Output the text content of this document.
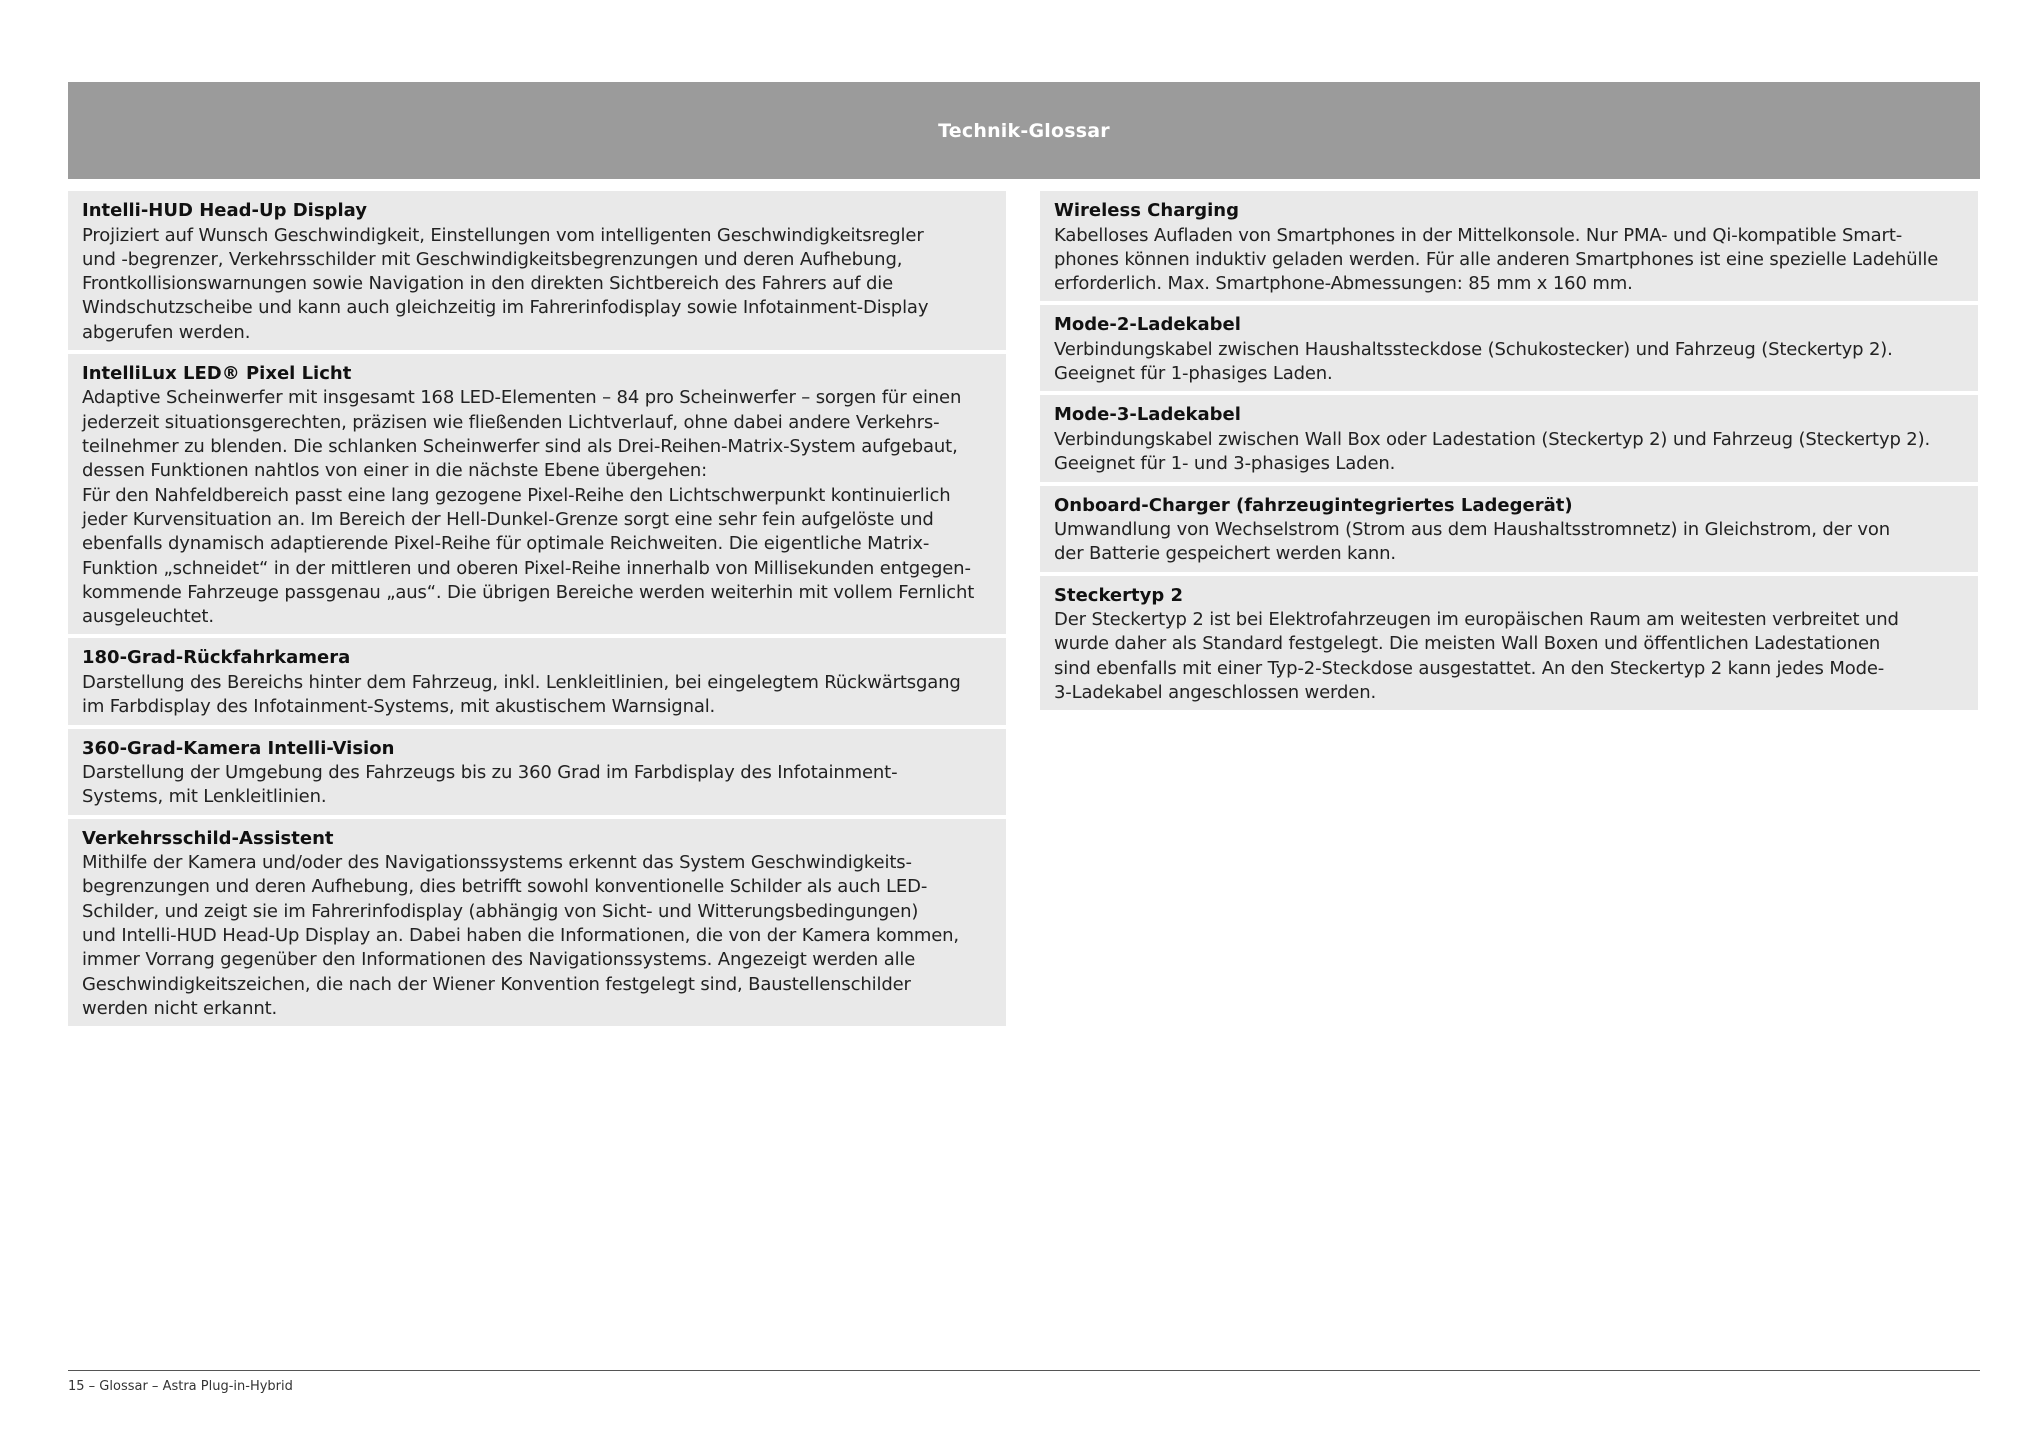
Technik-Glossar
Intelli-HUD Head-Up Display
Projiziert auf Wunsch Geschwindigkeit, Einstellungen vom intelligenten Geschwindigkeitsregler
und -begrenzer, Verkehrsschilder mit Geschwindigkeitsbegrenzungen und deren Aufhebung,
Frontkollisionswarnungen sowie Navigation in den direkten Sichtbereich des Fahrers auf die
Windschutzscheibe und kann auch gleichzeitig im Fahrerinfodisplay sowie Infotainment-Display
abgerufen werden.
IntelliLux LED® Pixel Licht
Adaptive Scheinwerfer mit insgesamt 168 LED-Elementen – 84 pro Scheinwerfer – sorgen für einen
jederzeit situationsgerechten, präzisen wie fließenden Lichtverlauf, ohne dabei andere Verkehrs-
teilnehmer zu blenden. Die schlanken Scheinwerfer sind als Drei-Reihen-Matrix-System aufgebaut,
dessen Funktionen nahtlos von einer in die nächste Ebene übergehen:
Für den Nahfeldbereich passt eine lang gezogene Pixel-Reihe den Lichtschwerpunkt kontinuierlich
jeder Kurvensituation an. Im Bereich der Hell-Dunkel-Grenze sorgt eine sehr fein aufgelöste und
ebenfalls dynamisch adaptierende Pixel-Reihe für optimale Reichweiten. Die eigentliche Matrix-
Funktion „schneidet“ in der mittleren und oberen Pixel-Reihe innerhalb von Millisekunden entgegen-
kommende Fahrzeuge passgenau „aus“. Die übrigen Bereiche werden weiterhin mit vollem Fernlicht
ausgeleuchtet.
180-Grad-Rückfahrkamera
Darstellung des Bereichs hinter dem Fahrzeug, inkl. Lenkleitlinien, bei eingelegtem Rückwärtsgang
im Farbdisplay des Infotainment-Systems, mit akustischem Warnsignal.
360-Grad-Kamera Intelli-Vision
Darstellung der Umgebung des Fahrzeugs bis zu 360 Grad im Farbdisplay des Infotainment-
Systems, mit Lenkleitlinien.
Verkehrsschild-Assistent
Mithilfe der Kamera und/oder des Navigationssystems erkennt das System Geschwindigkeits-
begrenzungen und deren Aufhebung, dies betrifft sowohl konventionelle Schilder als auch LED-
Schilder, und zeigt sie im Fahrerinfodisplay (abhängig von Sicht- und Witterungsbedingungen)
und Intelli-HUD Head-Up Display an. Dabei haben die Informationen, die von der Kamera kommen,
immer Vorrang gegenüber den Informationen des Navigationssystems. Angezeigt werden alle
Geschwindigkeitszeichen, die nach der Wiener Konvention festgelegt sind, Baustellenschilder
werden nicht erkannt.
Wireless Charging
Kabelloses Aufladen von Smartphones in der Mittelkonsole. Nur PMA- und Qi-kompatible Smart-
phones können induktiv geladen werden. Für alle anderen Smartphones ist eine spezielle Ladehülle
erforderlich. Max. Smartphone-Abmessungen: 85 mm x 160 mm.
Mode-2-Ladekabel
Verbindungskabel zwischen Haushaltssteckdose (Schukostecker) und Fahrzeug (Steckertyp 2).
Geeignet für 1-phasiges Laden.
Mode-3-Ladekabel
Verbindungskabel zwischen Wall Box oder Ladestation (Steckertyp 2) und Fahrzeug (Steckertyp 2).
Geeignet für 1- und 3-phasiges Laden.
Onboard-Charger (fahrzeugintegriertes Ladegerät)
Umwandlung von Wechselstrom (Strom aus dem Haushaltsstromnetz) in Gleichstrom, der von
der Batterie gespeichert werden kann.
Steckertyp 2
Der Steckertyp 2 ist bei Elektrofahrzeugen im europäischen Raum am weitesten verbreitet und
wurde daher als Standard festgelegt. Die meisten Wall Boxen und öffentlichen Ladestationen
sind ebenfalls mit einer Typ-2-Steckdose ausgestattet. An den Steckertyp 2 kann jedes Mode-
3-Ladekabel angeschlossen werden.
15 – Glossar – Astra Plug-in-Hybrid
